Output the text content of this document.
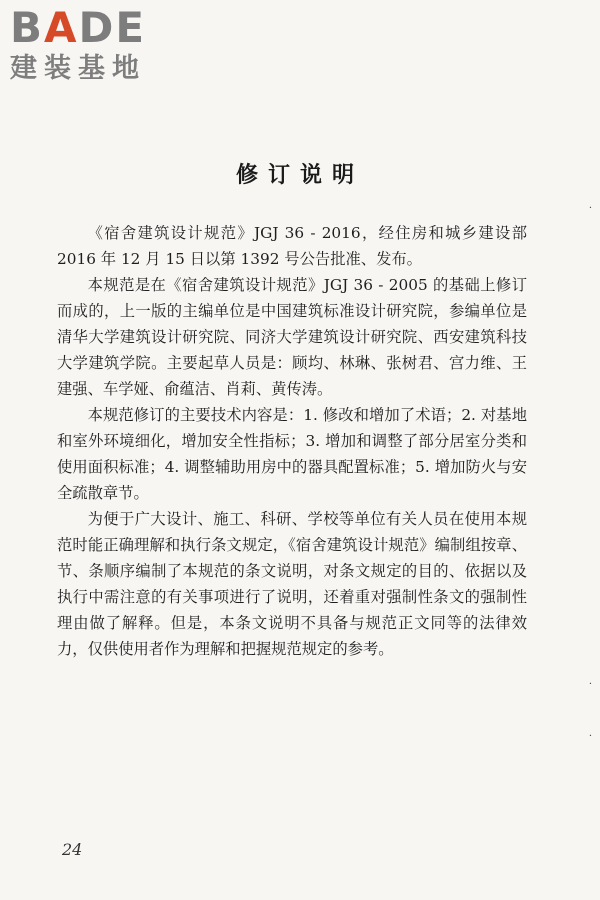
BADE
建装基地
修订说明

《宿舍建筑设计规范》JGJ 36 - 2016，经住房和城乡建设部 2016 年 12 月 15 日以第 1392 号公告批准、发布。

本规范是在《宿舍建筑设计规范》JGJ 36 - 2005 的基础上修订而成的，上一版的主编单位是中国建筑标准设计研究院，参编单位是清华大学建筑设计研究院、同济大学建筑设计研究院、西安建筑科技大学建筑学院。主要起草人员是：顾均、林琳、张树君、宫力维、王建强、车学娅、俞蕴洁、肖莉、黄传涛。

本规范修订的主要技术内容是：1. 修改和增加了术语；2. 对基地和室外环境细化，增加安全性指标；3. 增加和调整了部分居室分类和使用面积标准；4. 调整辅助用房中的器具配置标准；5. 增加防火与安全疏散章节。

为便于广大设计、施工、科研、学校等单位有关人员在使用本规范时能正确理解和执行条文规定，《宿舍建筑设计规范》编制组按章、节、条顺序编制了本规范的条文说明，对条文规定的目的、依据以及执行中需注意的有关事项进行了说明，还着重对强制性条文的强制性理由做了解释。但是，本条文说明不具备与规范正文同等的法律效力，仅供使用者作为理解和把握规范规定的参考。

24
·
·
·
